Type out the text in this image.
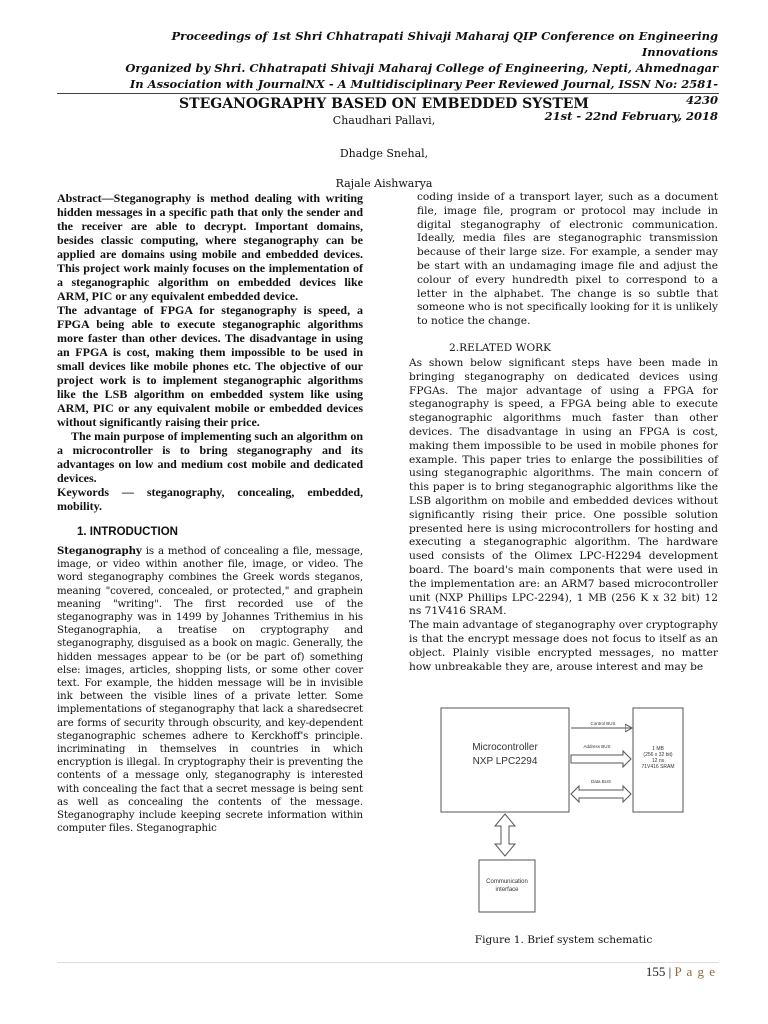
Proceedings of 1st Shri Chhatrapati Shivaji Maharaj QIP Conference on Engineering Innovations
Organized by Shri. Chhatrapati Shivaji Maharaj College of Engineering, Nepti, Ahmednagar
In Association with JournalNX - A Multidisciplinary Peer Reviewed Journal, ISSN No: 2581-4230
21st - 22nd February, 2018
STEGANOGRAPHY BASED ON EMBEDDED SYSTEM
Chaudhari Pallavi,
Dhadge Snehal,
Rajale Aishwarya

Abstract—Steganography is method dealing with writing hidden messages in a specific path that only the sender and the receiver are able to decrypt. Important domains, besides classic computing, where steganography can be applied are domains using mobile and embedded devices. This project work mainly focuses on the implementation of a steganographic algorithm on embedded devices like ARM, PIC or any equivalent embedded device.

The advantage of FPGA for steganography is speed, a FPGA being able to execute steganographic algorithms more faster than other devices. The disadvantage in using an FPGA is cost, making them impossible to be used in small devices like mobile phones etc. The objective of our project work is to implement steganographic algorithms like the LSB algorithm on embedded system like using ARM, PIC or any equivalent mobile or embedded devices without significantly raising their price.

The main purpose of implementing such an algorithm on a microcontroller is to bring steganography and its advantages on low and medium cost mobile and dedicated devices.

Keywords — steganography, concealing, embedded, mobility.

1. INTRODUCTION

Steganography is a method of concealing a file, message, image, or video within another file, image, or video. The word steganography combines the Greek words steganos, meaning "covered, concealed, or protected," and graphein meaning "writing". The first recorded use of the steganography was in 1499 by Johannes Trithemius in his Steganographia, a treatise on cryptography and steganography, disguised as a book on magic. Generally, the hidden messages appear to be (or be part of) something else: images, articles, shopping lists, or some other cover text. For example, the hidden message will be in invisible ink between the visible lines of a private letter. Some implementations of steganography that lack a sharedsecret are forms of security through obscurity, and key-dependent steganographic schemes adhere to Kerckhoff's principle. incriminating in themselves in countries in which encryption is illegal. In cryptography their is preventing the contents of a message only, steganography is interested with concealing the fact that a secret message is being sent as well as concealing the contents of the message. Steganography include keeping secrete information within computer files. Steganographic

coding inside of a transport layer, such as a document file, image file, program or protocol may include in digital steganography of electronic communication. Ideally, media files are steganographic transmission because of their large size. For example, a sender may be start with an undamaging image file and adjust the colour of every hundredth pixel to correspond to a letter in the alphabet. The change is so subtle that someone who is not specifically looking for it is unlikely to notice the change.

2.RELATED WORK

As shown below significant steps have been made in bringing steganography on dedicated devices using FPGAs. The major advantage of using a FPGA for steganography is speed, a FPGA being able to execute steganographic algorithms much faster than other devices. The disadvantage in using an FPGA is cost, making them impossible to be used in mobile phones for example. This paper tries to enlarge the possibilities of using steganographic algorithms. The main concern of this paper is to bring steganographic algorithms like the LSB algorithm on mobile and embedded devices without significantly rising their price. One possible solution presented here is using microcontrollers for hosting and executing a steganographic algorithm. The hardware used consists of the Olimex LPC-H2294 development board. The board's main components that were used in the implementation are: an ARM7 based microcontroller unit (NXP Phillips LPC-2294), 1 MB (256 K x 32 bit) 12 ns 71V416 SRAM.

The main advantage of steganography over cryptography is that the encrypt message does not focus to itself as an object. Plainly visible encrypted messages, no matter how unbreakable they are, arouse interest and may be

Microcontroller
NXP LPC2294
1 MB
(256 x 32 bit)
12 ns
71V416 SRAM
Control BUS
Address BUS
Data BUS
Communication
interface
Figure 1. Brief system schematic
155 | P a g e
